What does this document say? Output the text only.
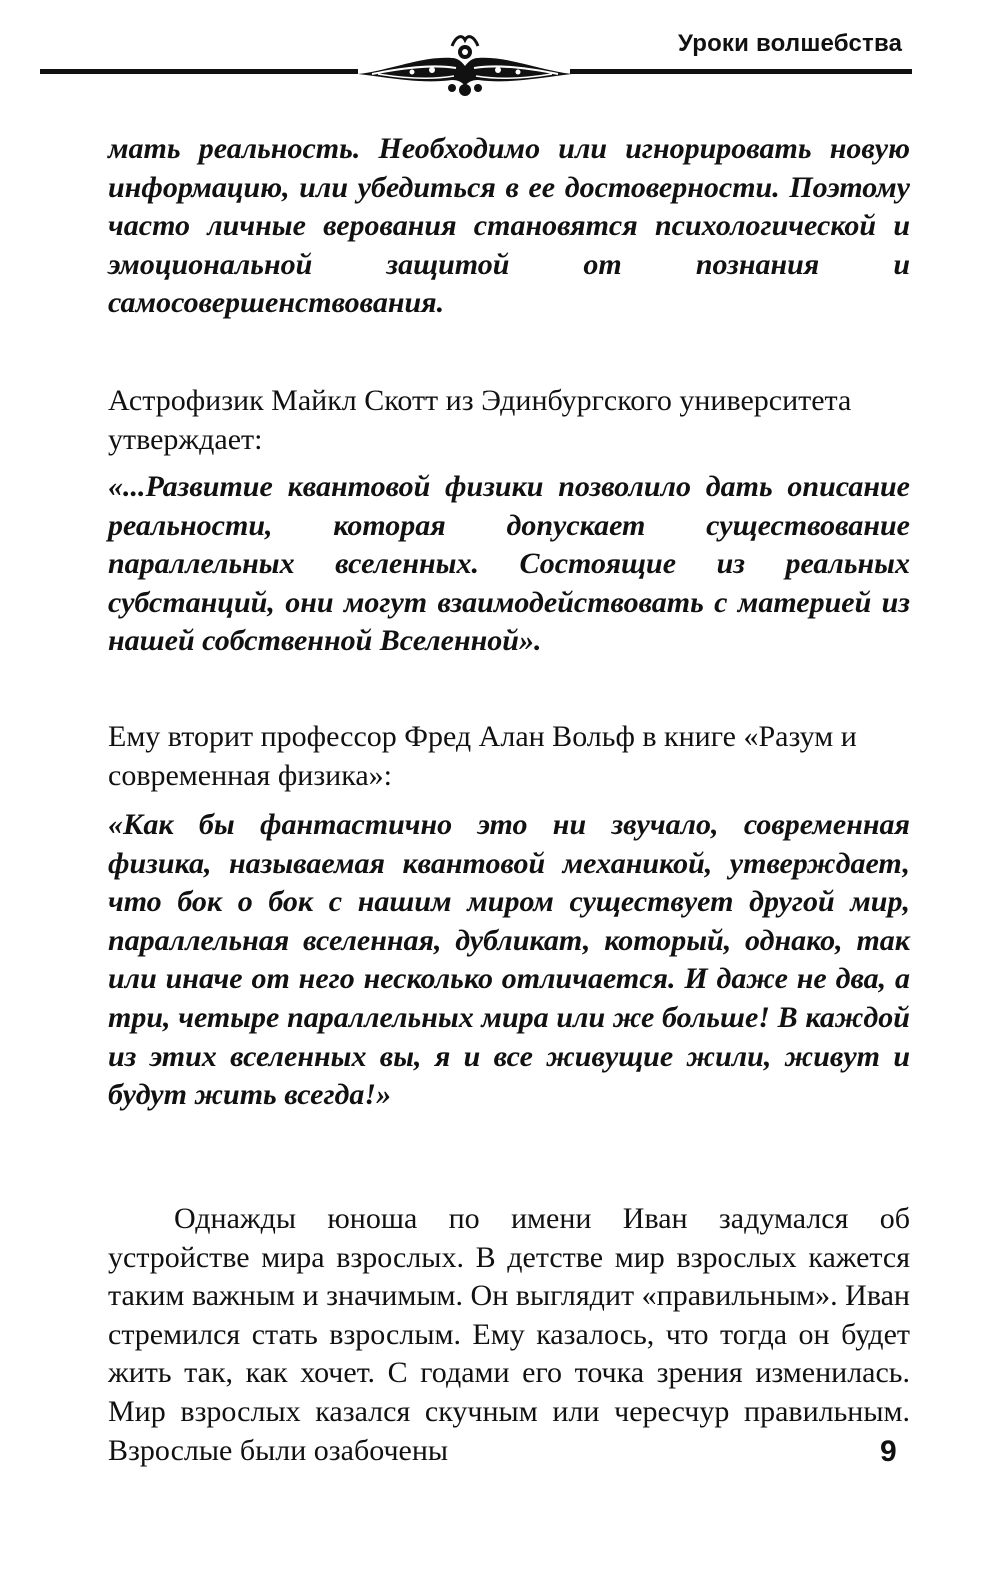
Уроки волшебства

мать реальность. Необходимо или игнорировать новую информацию, или убедиться в ее достоверности. Поэтому часто личные верования становятся психологической и эмоциональной защитой от познания и самосовершенствования.

Астрофизик Майкл Скотт из Эдинбургского университета утверждает:

«...Развитие квантовой физики позволило дать описание реальности, которая допускает существование параллельных вселенных. Состоящие из реальных субстанций, они могут взаимодействовать с материей из нашей собственной Вселенной».

Ему вторит профессор Фред Алан Вольф в книге «Разум и современная физика»:

«Как бы фантастично это ни звучало, современная физика, называемая квантовой механикой, утверждает, что бок о бок с нашим миром существует другой мир, параллельная вселенная, дубликат, который, однако, так или иначе от него несколько отличается. И даже не два, а три, четыре параллельных мира или же больше! В каждой из этих вселенных вы, я и все живущие жили, живут и будут жить всегда!»

Однажды юноша по имени Иван задумался об устройстве мира взрослых. В детстве мир взрослых кажется таким важным и значимым. Он выглядит «правильным». Иван стремился стать взрослым. Ему казалось, что тогда он будет жить так, как хочет. С годами его точка зрения изменилась. Мир взрослых казался скучным или чересчур правильным. Взрослые были озабочены	9
